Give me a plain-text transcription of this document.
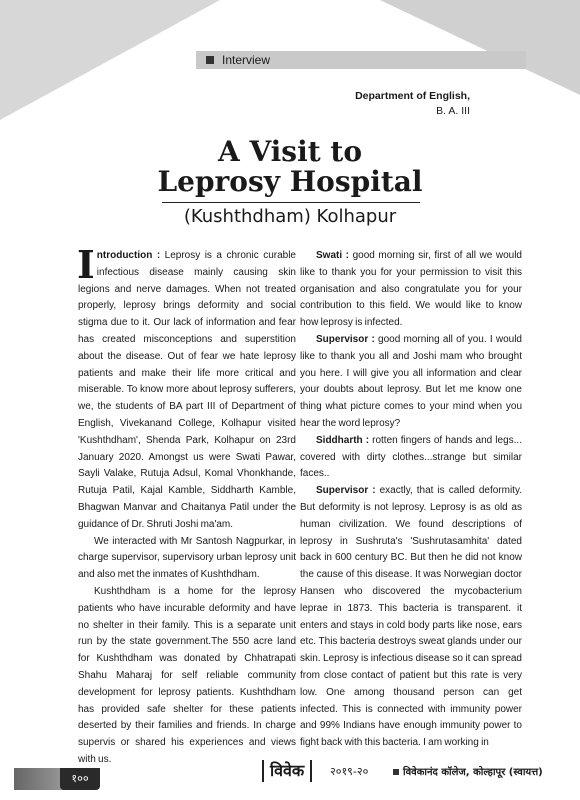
Interview
Department of English,
B. A. III
A Visit to
Leprosy Hospital
(Kushthdham) Kolhapur

Introduction : Leprosy is a chronic curable infectious disease mainly causing skin legions and nerve damages. When not treated properly, leprosy brings deformity and social stigma due to it. Our lack of information and fear has created misconceptions and superstition about the disease. Out of fear we hate leprosy patients and make their life more critical and miserable. To know more about leprosy sufferers, we, the students of BA part III of Department of English, Vivekanand College, Kolhapur visited 'Kushthdham', Shenda Park, Kolhapur on 23rd January 2020. Amongst us were Swati Pawar, Sayli Valake, Rutuja Adsul, Komal Vhonkhande, Rutuja Patil, Kajal Kamble, Siddharth Kamble, Bhagwan Manvar and Chaitanya Patil under the guidance of Dr. Shruti Joshi ma'am.

We interacted with Mr Santosh Nagpurkar, in charge supervisor, supervisory urban leprosy unit and also met the inmates of Kushthdham.

Kushthdham is a home for the leprosy patients who have incurable deformity and have no shelter in their family. This is a separate unit run by the state government.The 550 acre land for Kushthdham was donated by Chhatrapati Shahu Maharaj for self reliable community development for leprosy patients. Kushthdham has provided safe shelter for these patients deserted by their families and friends. In charge supervis or shared his experiences and views with us.

Swati : good morning sir, first of all we would like to thank you for your permission to visit this organisation and also congratulate you for your contribution to this field. We would like to know how leprosy is infected.

Supervisor : good morning all of you. I would like to thank you all and Joshi mam who brought you here. I will give you all information and clear your doubts about leprosy. But let me know one thing what picture comes to your mind when you hear the word leprosy?

Siddharth : rotten fingers of hands and legs... covered with dirty clothes...strange but similar faces..

Supervisor : exactly, that is called deformity. But deformity is not leprosy. Leprosy is as old as human civilization. We found descriptions of leprosy in Sushruta's 'Sushrutasamhita' dated back in 600 century BC. But then he did not know the cause of this disease. It was Norwegian doctor Hansen who discovered the mycobacterium leprae in 1873. This bacteria is transparent. it enters and stays in cold body parts like nose, ears etc. This bacteria destroys sweat glands under our skin. Leprosy is infectious disease so it can spread from close contact of patient but this rate is very low. One among thousand person can get infected. This is connected with immunity power and 99% Indians have enough immunity power to fight back with this bacteria. I am working in

१००	विवेक	२०१९-२०	विवेकानंद कॉलेज, कोल्हापूर (स्वायत्त)
